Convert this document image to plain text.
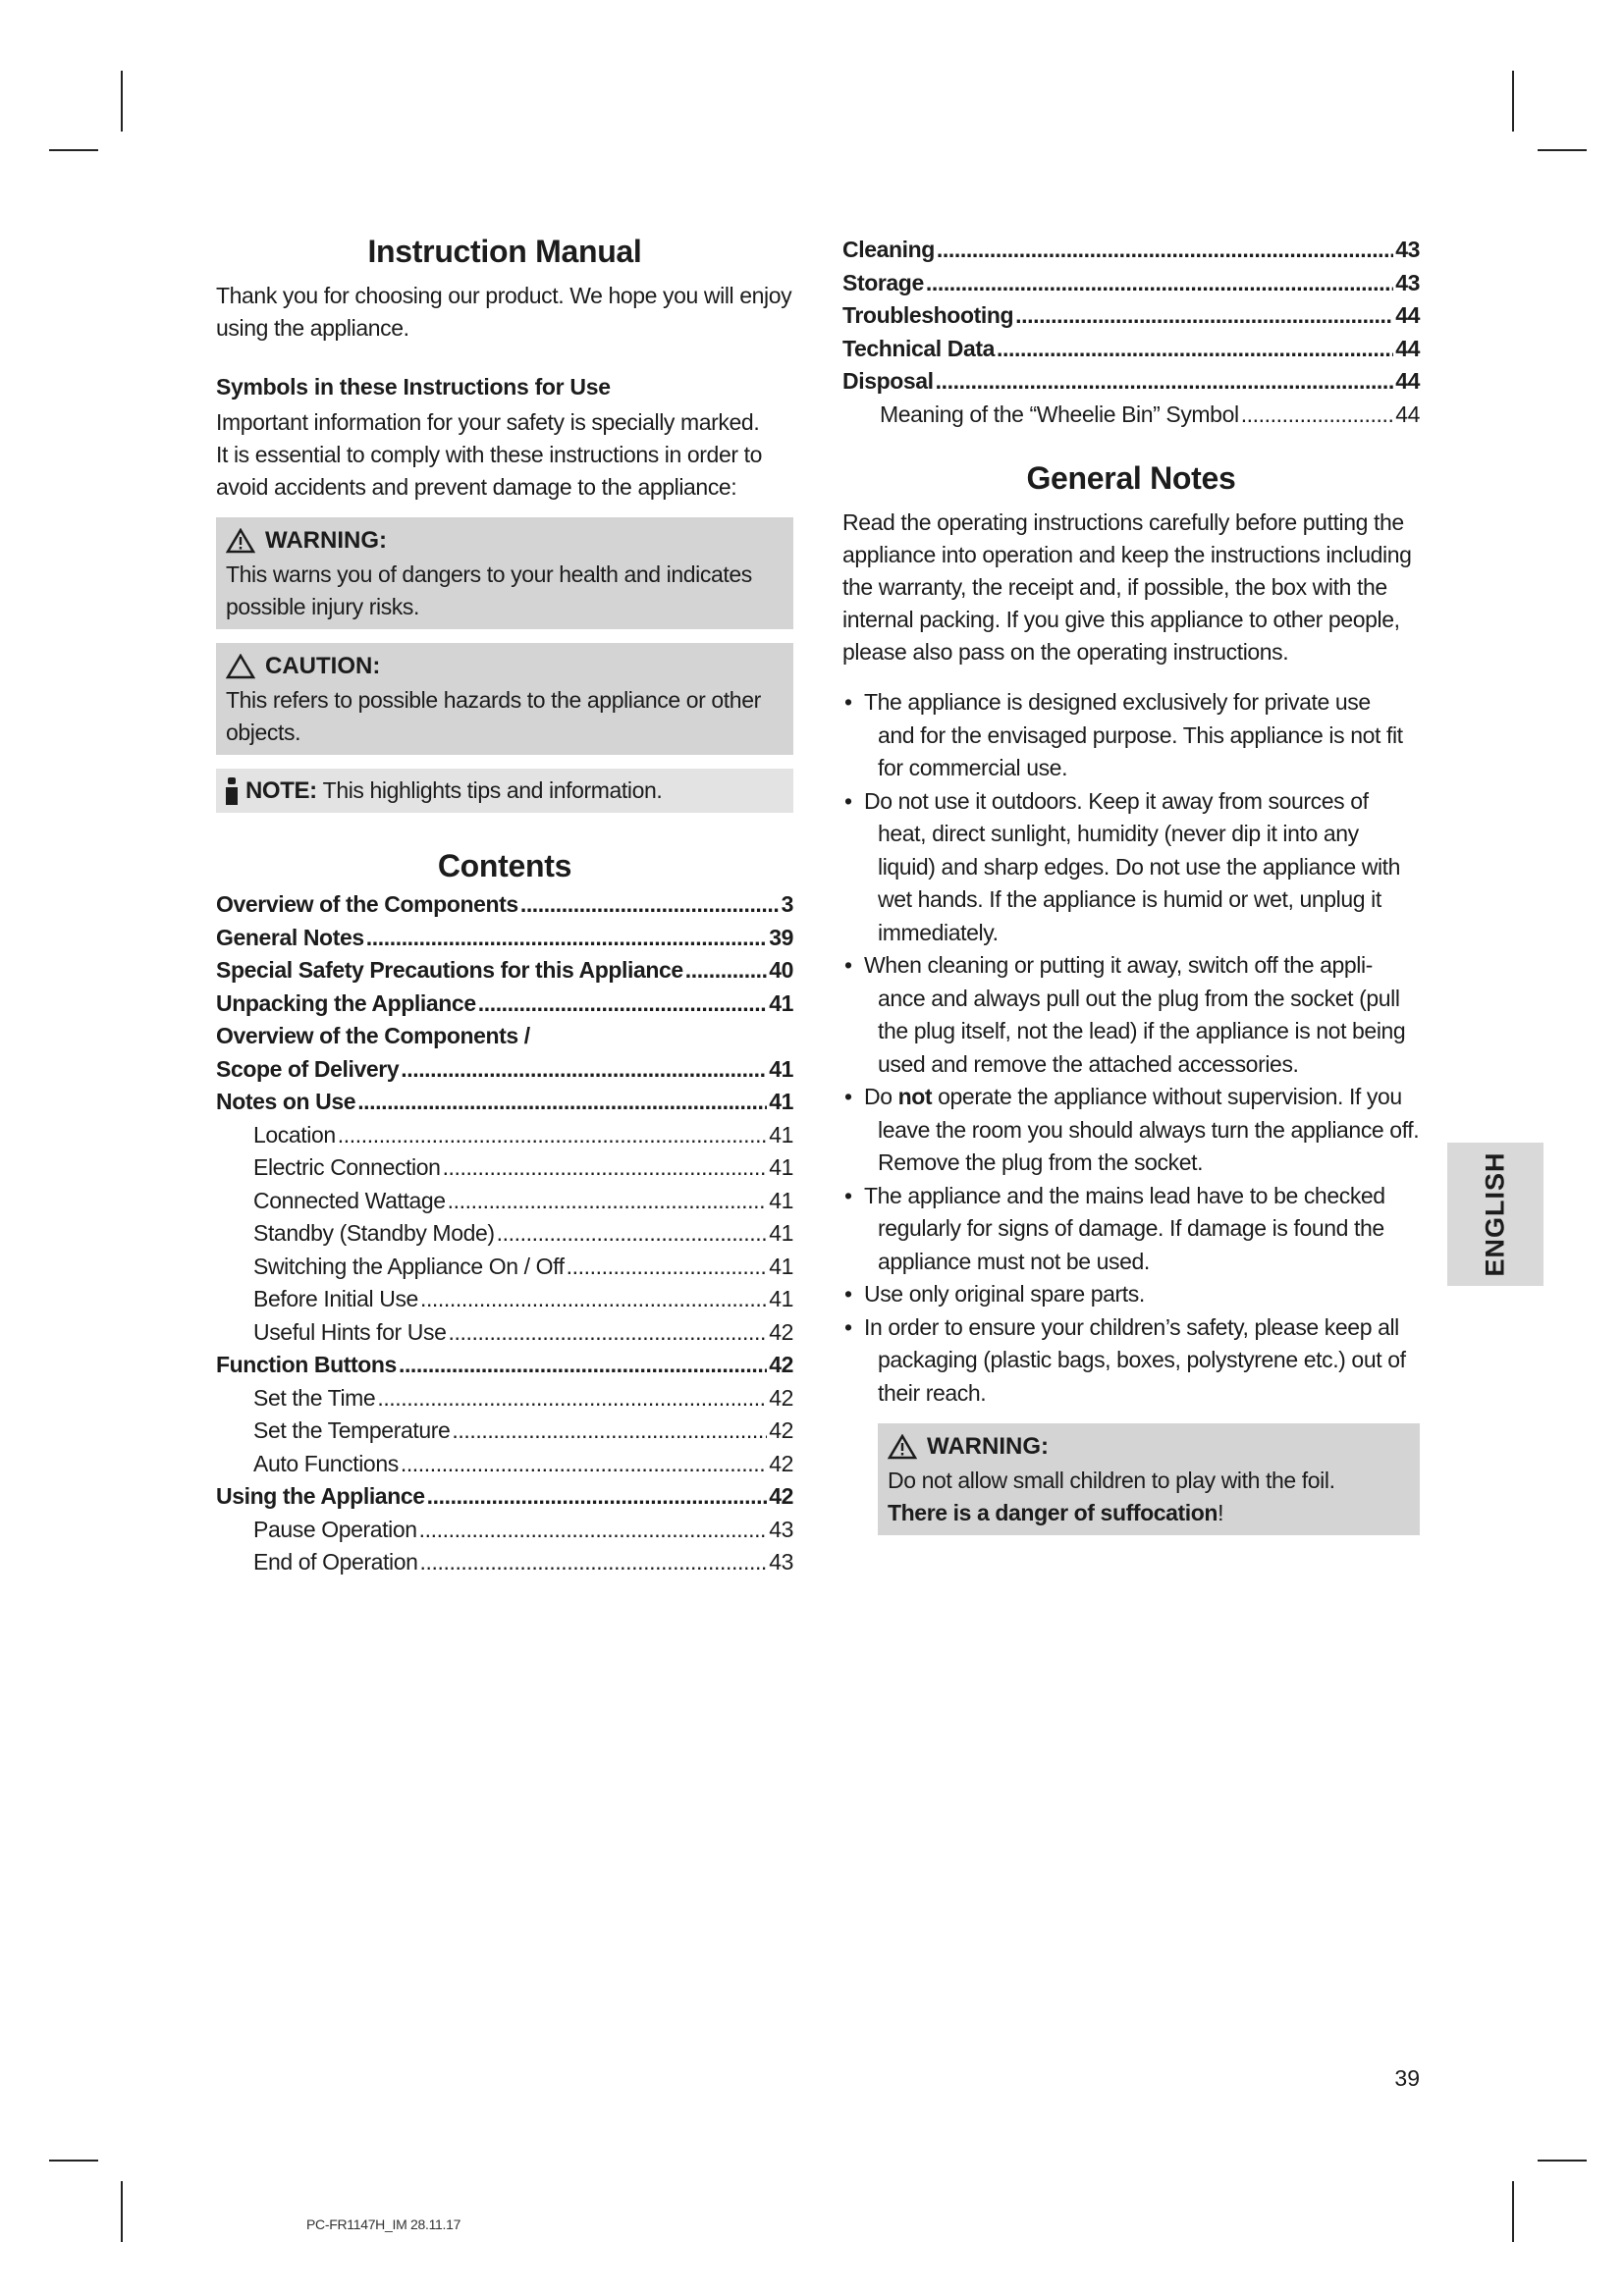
Instruction Manual

Thank you for choosing our product. We hope you will enjoy using the appliance.

Symbols in these Instructions for Use

Important information for your safety is specially marked.

It is essential to comply with these instructions in order to avoid accidents and prevent damage to the appliance:

WARNING:
This warns you of dangers to your health and indicates possible injury risks.
CAUTION:
This refers to possible hazards to the appliance or other objects.
NOTE:
This highlights tips and information.
Contents
Overview of the Components .....	3
General Notes .....	39
Special Safety Precautions for this Appliance .....	40
Unpacking the Appliance .....	41
Overview of the Components /
Scope of Delivery .....	41
Notes on Use .....	41
Location .....	41
Electric Connection .....	41
Connected Wattage .....	41
Standby (Standby Mode) .....	41
Switching the Appliance On / Off .....	41
Before Initial Use .....	41
Useful Hints for Use .....	42
Function Buttons .....	42
Set the Time .....	42
Set the Temperature .....	42
Auto Functions .....	42
Using the Appliance .....	42
Pause Operation .....	43
End of Operation .....	43
Cleaning .....	43
Storage .....	43
Troubleshooting .....	44
Technical Data .....	44
Disposal .....	44
Meaning of the “Wheelie Bin” Symbol .....	44
General Notes

Read the operating instructions carefully before putting the appliance into operation and keep the instructions including the warranty, the receipt and, if possible, the box with the internal packing. If you give this appliance to other people, please also pass on the operating instructions.

• The appliance is designed exclusively for private use
and for the envisaged purpose. This appliance is not fit for commercial use.
• Do not use it outdoors. Keep it away from sources of
heat, direct sunlight, humidity (never dip it into any liquid) and sharp edges. Do not use the appliance with wet hands. If the appliance is humid or wet, unplug it immediately.
• When cleaning or putting it away, switch off the appli-
ance and always pull out the plug from the socket (pull the plug itself, not the lead) if the appliance is not being used and remove the attached accessories.
• Do not operate the appliance without supervision. If you
leave the room you should always turn the appliance off. Remove the plug from the socket.
• The appliance and the mains lead have to be checked
regularly for signs of damage. If damage is found the appliance must not be used.
• Use only original spare parts.
• In order to ensure your children’s safety, please keep all
packaging (plastic bags, boxes, polystyrene etc.) out of their reach.
WARNING:
Do not allow small children to play with the foil.
There is a danger of suffocation!
ENGLISH
39
PC-FR1147H_IM 28.11.17
